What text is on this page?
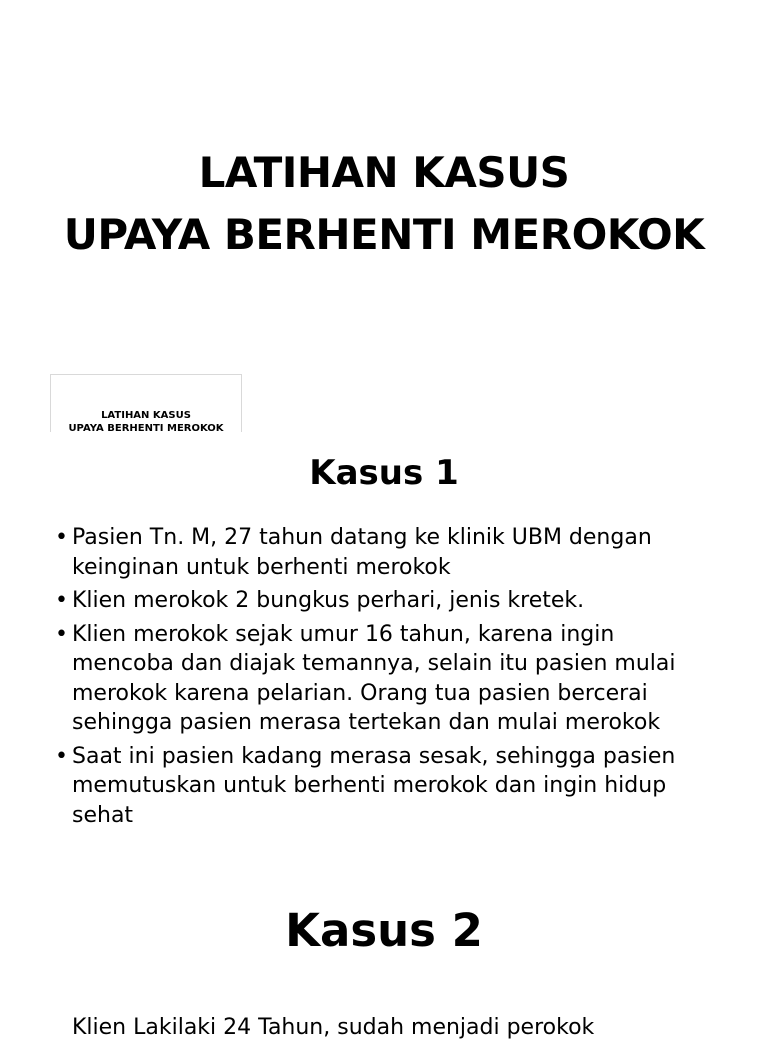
LATIHAN KASUS
UPAYA BERHENTI MEROKOK
LATIHAN KASUS
UPAYA BERHENTI MEROKOK
Kasus 1
• Pasien Tn. M, 27 tahun datang ke klinik UBM dengan keinginan untuk berhenti merokok
• Klien merokok 2 bungkus perhari, jenis kretek.
• Klien merokok sejak umur 16 tahun, karena ingin mencoba dan diajak temannya, selain itu pasien mulai merokok karena pelarian. Orang tua pasien bercerai sehingga pasien merasa tertekan dan mulai merokok
• Saat ini pasien kadang merasa sesak, sehingga pasien memutuskan untuk berhenti merokok dan ingin hidup sehat
Kasus 2
Klien Lakilaki 24 Tahun, sudah menjadi perokok
